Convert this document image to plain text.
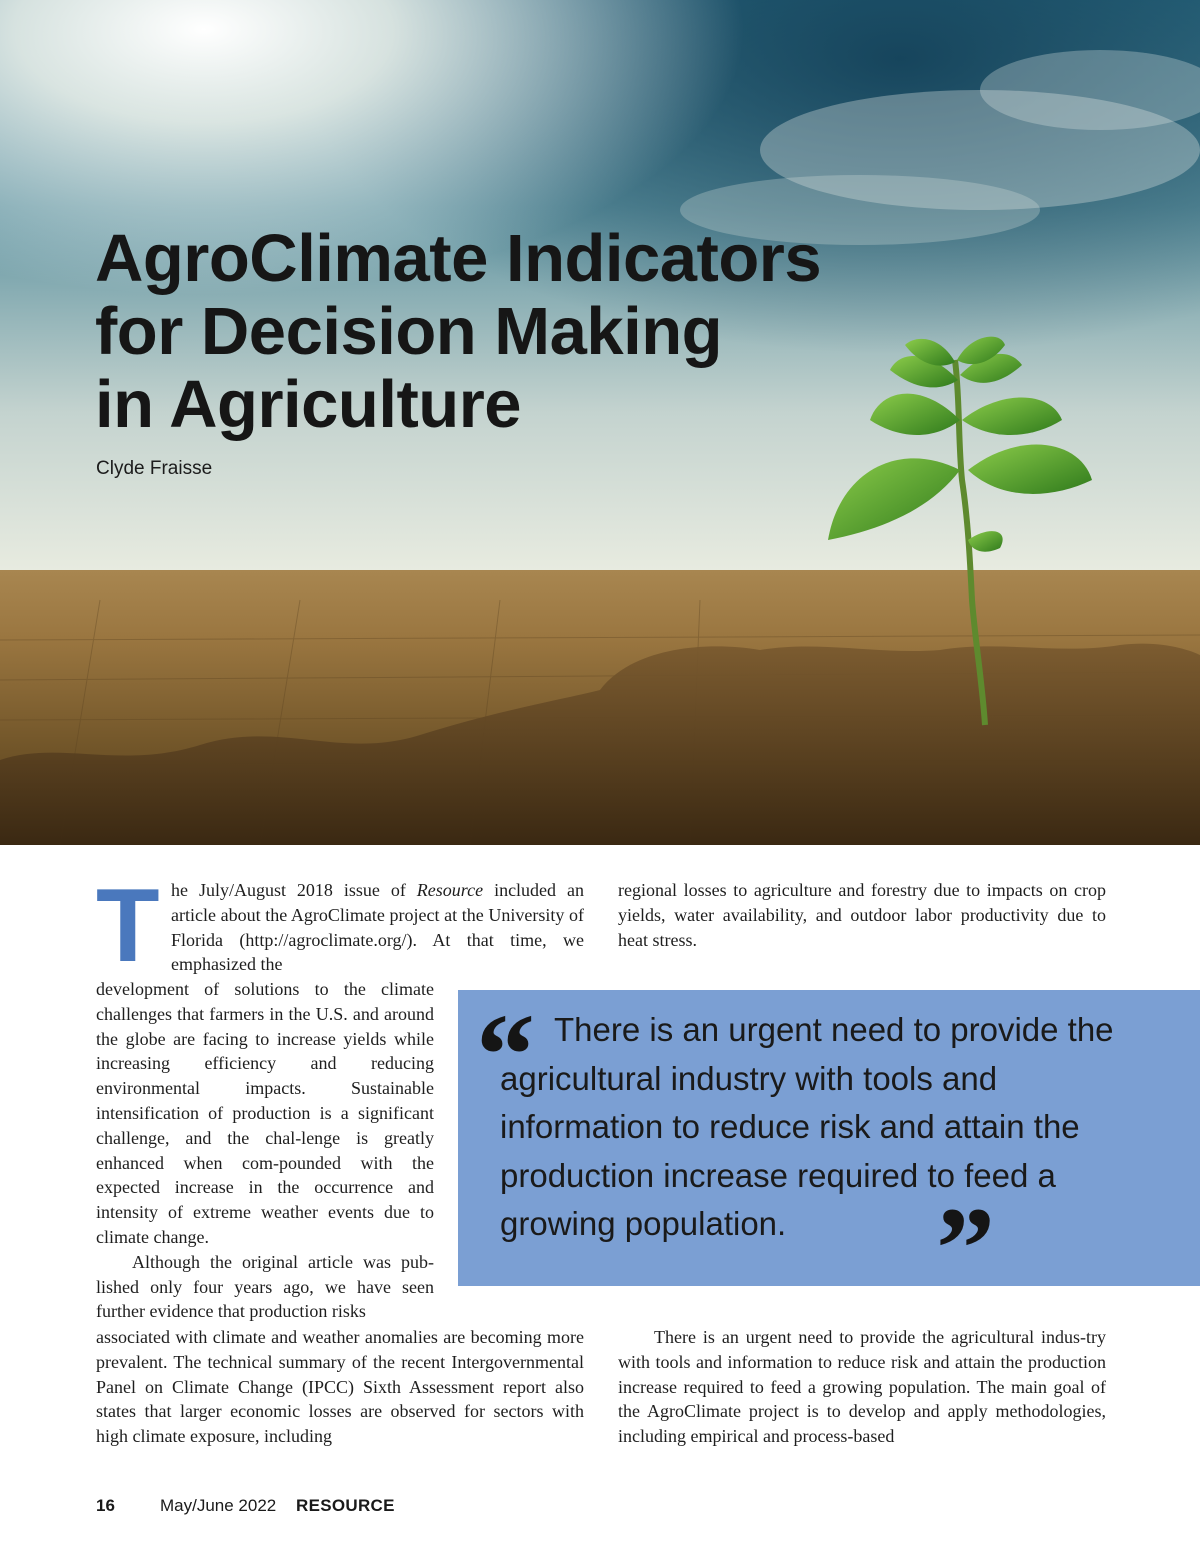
AgroClimate Indicators
for Decision Making
in Agriculture
Clyde Fraisse
T he July/August 2018 issue of Resource included an article about the AgroClimate project at the University of Florida (http://agroclimate.org/). At that time, we emphasized the

development of solutions to the climate challenges that farmers in the U.S. and around the globe are facing to increase yields while increasing efficiency and reducing environmental impacts. Sustainable intensification of production is a significant challenge, and the chal-lenge is greatly enhanced when com-pounded with the expected increase in the occurrence and intensity of extreme weather events due to climate change.

Although the original article was pub-lished only four years ago, we have seen further evidence that production risks

associated with climate and weather anomalies are becoming more prevalent. The technical summary of the recent Intergovernmental Panel on Climate Change (IPCC) Sixth Assessment report also states that larger economic losses are observed for sectors with high climate exposure, including

regional losses to agriculture and forestry due to impacts on crop yields, water availability, and outdoor labor productivity due to heat stress.

There is an urgent need to provide the agricultural indus-try with tools and information to reduce risk and attain the production increase required to feed a growing population. The main goal of the AgroClimate project is to develop and apply methodologies, including empirical and process-based

“ There is an urgent need to provide the agricultural industry with tools and information to reduce risk and attain the production increase required to feed a growing population.	”
16	May/June 2022 RESOURCE
